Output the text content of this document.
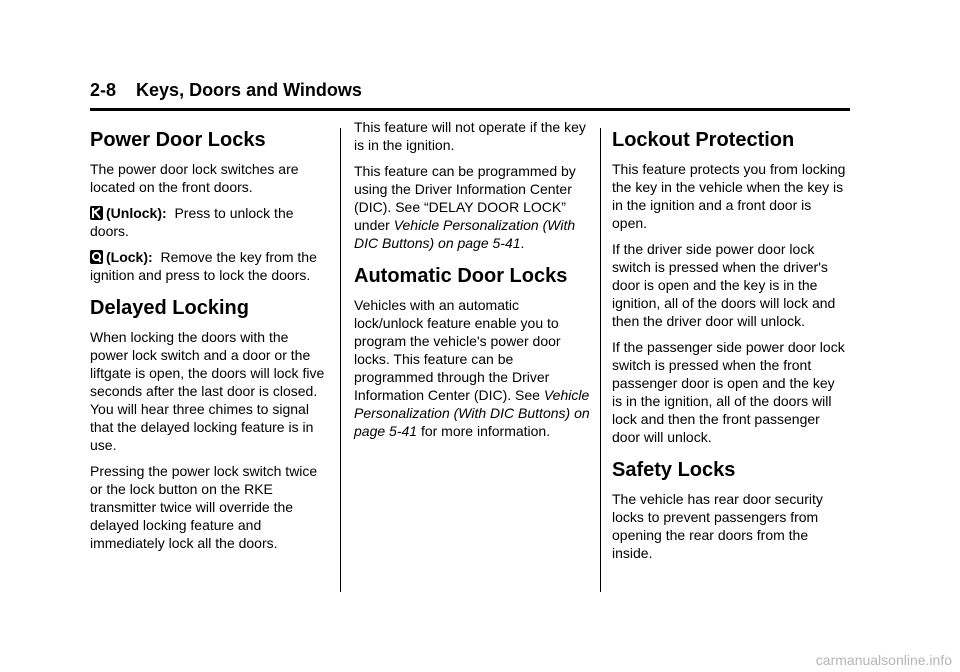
2-8 Keys, Doors and Windows
Power Door Locks

The power door lock switches are located on the front doors.

(Unlock): Press to unlock the doors.

(Lock): Remove the key from the ignition and press to lock the doors.

Delayed Locking

When locking the doors with the power lock switch and a door or the liftgate is open, the doors will lock five seconds after the last door is closed. You will hear three chimes to signal that the delayed locking feature is in use.

Pressing the power lock switch twice or the lock button on the RKE transmitter twice will override the delayed locking feature and immediately lock all the doors.

This feature will not operate if the key is in the ignition.

This feature can be programmed by using the Driver Information Center (DIC). See “DELAY DOOR LOCK” under Vehicle Personalization (With DIC Buttons) on page 5-41.

Automatic Door Locks

Vehicles with an automatic lock/unlock feature enable you to program the vehicle's power door locks. This feature can be programmed through the Driver Information Center (DIC). See Vehicle Personalization (With DIC Buttons) on page 5-41 for more information.

Lockout Protection

This feature protects you from locking the key in the vehicle when the key is in the ignition and a front door is open.

If the driver side power door lock switch is pressed when the driver's door is open and the key is in the ignition, all of the doors will lock and then the driver door will unlock.

If the passenger side power door lock switch is pressed when the front passenger door is open and the key is in the ignition, all of the doors will lock and then the front passenger door will unlock.

Safety Locks

The vehicle has rear door security locks to prevent passengers from opening the rear doors from the inside.

carmanualsonline.info
